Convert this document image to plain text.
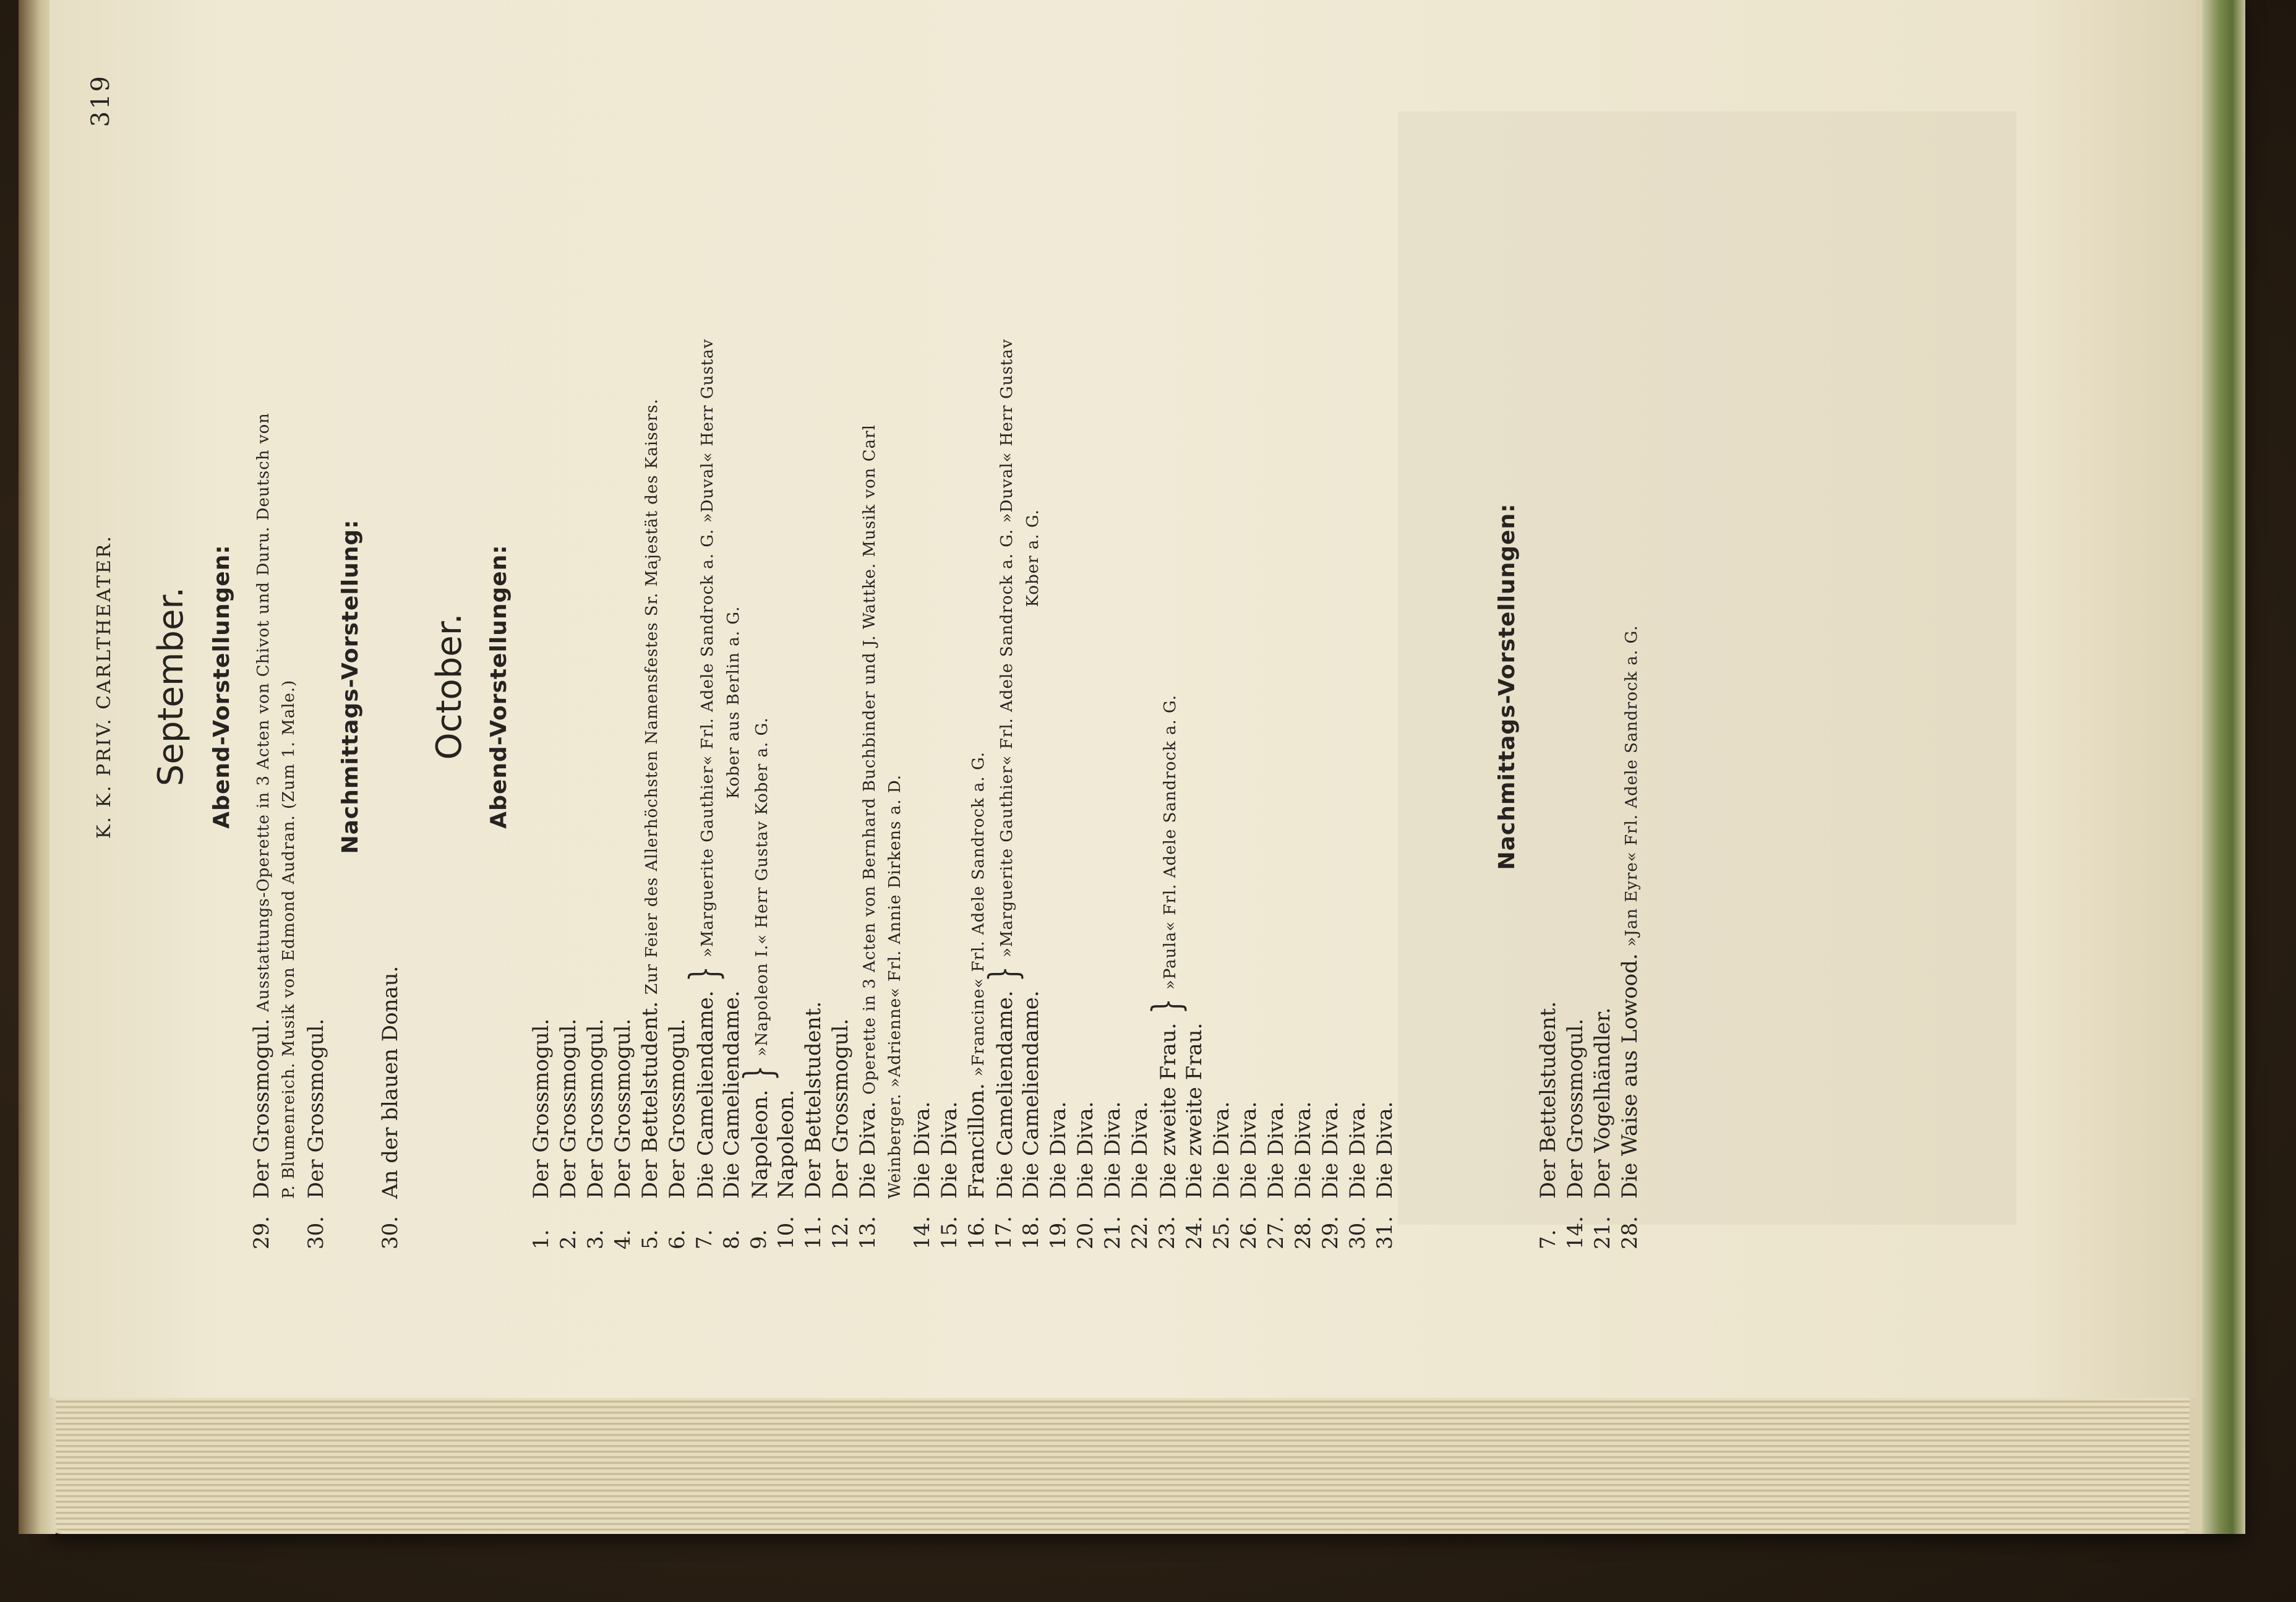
K. K. PRIV. CARLTHEATER.
319
September. Abend-Vorstellungen:
29.
Der Grossmogul. Ausstattungs-Operette in 3 Acten von Chivot und Duru. Deutsch von P. Blumenreich. Musik von Edmond Audran. (Zum 1. Male.)
30.
Der Grossmogul.
Nachmittags-Vorstellung:
30.
An der blauen Donau.
October. Abend-Vorstellungen:
1.
Der Grossmogul.
2.
Der Grossmogul.
3.
Der Grossmogul.
4.
Der Grossmogul.
5.
Der Bettelstudent. Zur Feier des Allerhöchsten Namensfestes Sr. Majestät des Kaisers.
6.
Der Grossmogul.
7.
Die Cameliendame.}»Marguerite Gauthier« Frl. Adele Sandrock a. G. »Duval« Herr Gustav
8.
Die Cameliendame.Kober aus Berlin a. G.
9.
Napoleon.}»Napoleon I.« Herr Gustav Kober a. G.
10.
Napoleon.
11.
Der Bettelstudent.
12.
Der Grossmogul.
13.
Die Diva. Operette in 3 Acten von Bernhard Buchbinder und J. Wattke. Musik von Carl Weinberger. »Adrienne« Frl. Annie Dirkens a. D.
14.
Die Diva.
15.
Die Diva.
16.
Francillon. »Francine« Frl. Adele Sandrock a. G.
17.
Die Cameliendame.}»Marguerite Gauthier« Frl. Adele Sandrock a. G. »Duval« Herr Gustav
18.
Die Cameliendame.Kober a. G.
19.
Die Diva.
20.
Die Diva.
21.
Die Diva.
22.
Die Diva.
23.
Die zweite Frau.}»Paula« Frl. Adele Sandrock a. G.
24.
Die zweite Frau.
25.
Die Diva.
26.
Die Diva.
27.
Die Diva.
28.
Die Diva.
29.
Die Diva.
30.
Die Diva.
31.
Die Diva.
Nachmittags-Vorstellungen:
7.
Der Bettelstudent.
14.
Der Grossmogul.
21.
Der Vogelhändler.
28.
Die Waise aus Lowood. »Jan Eyre« Frl. Adele Sandrock a. G.
